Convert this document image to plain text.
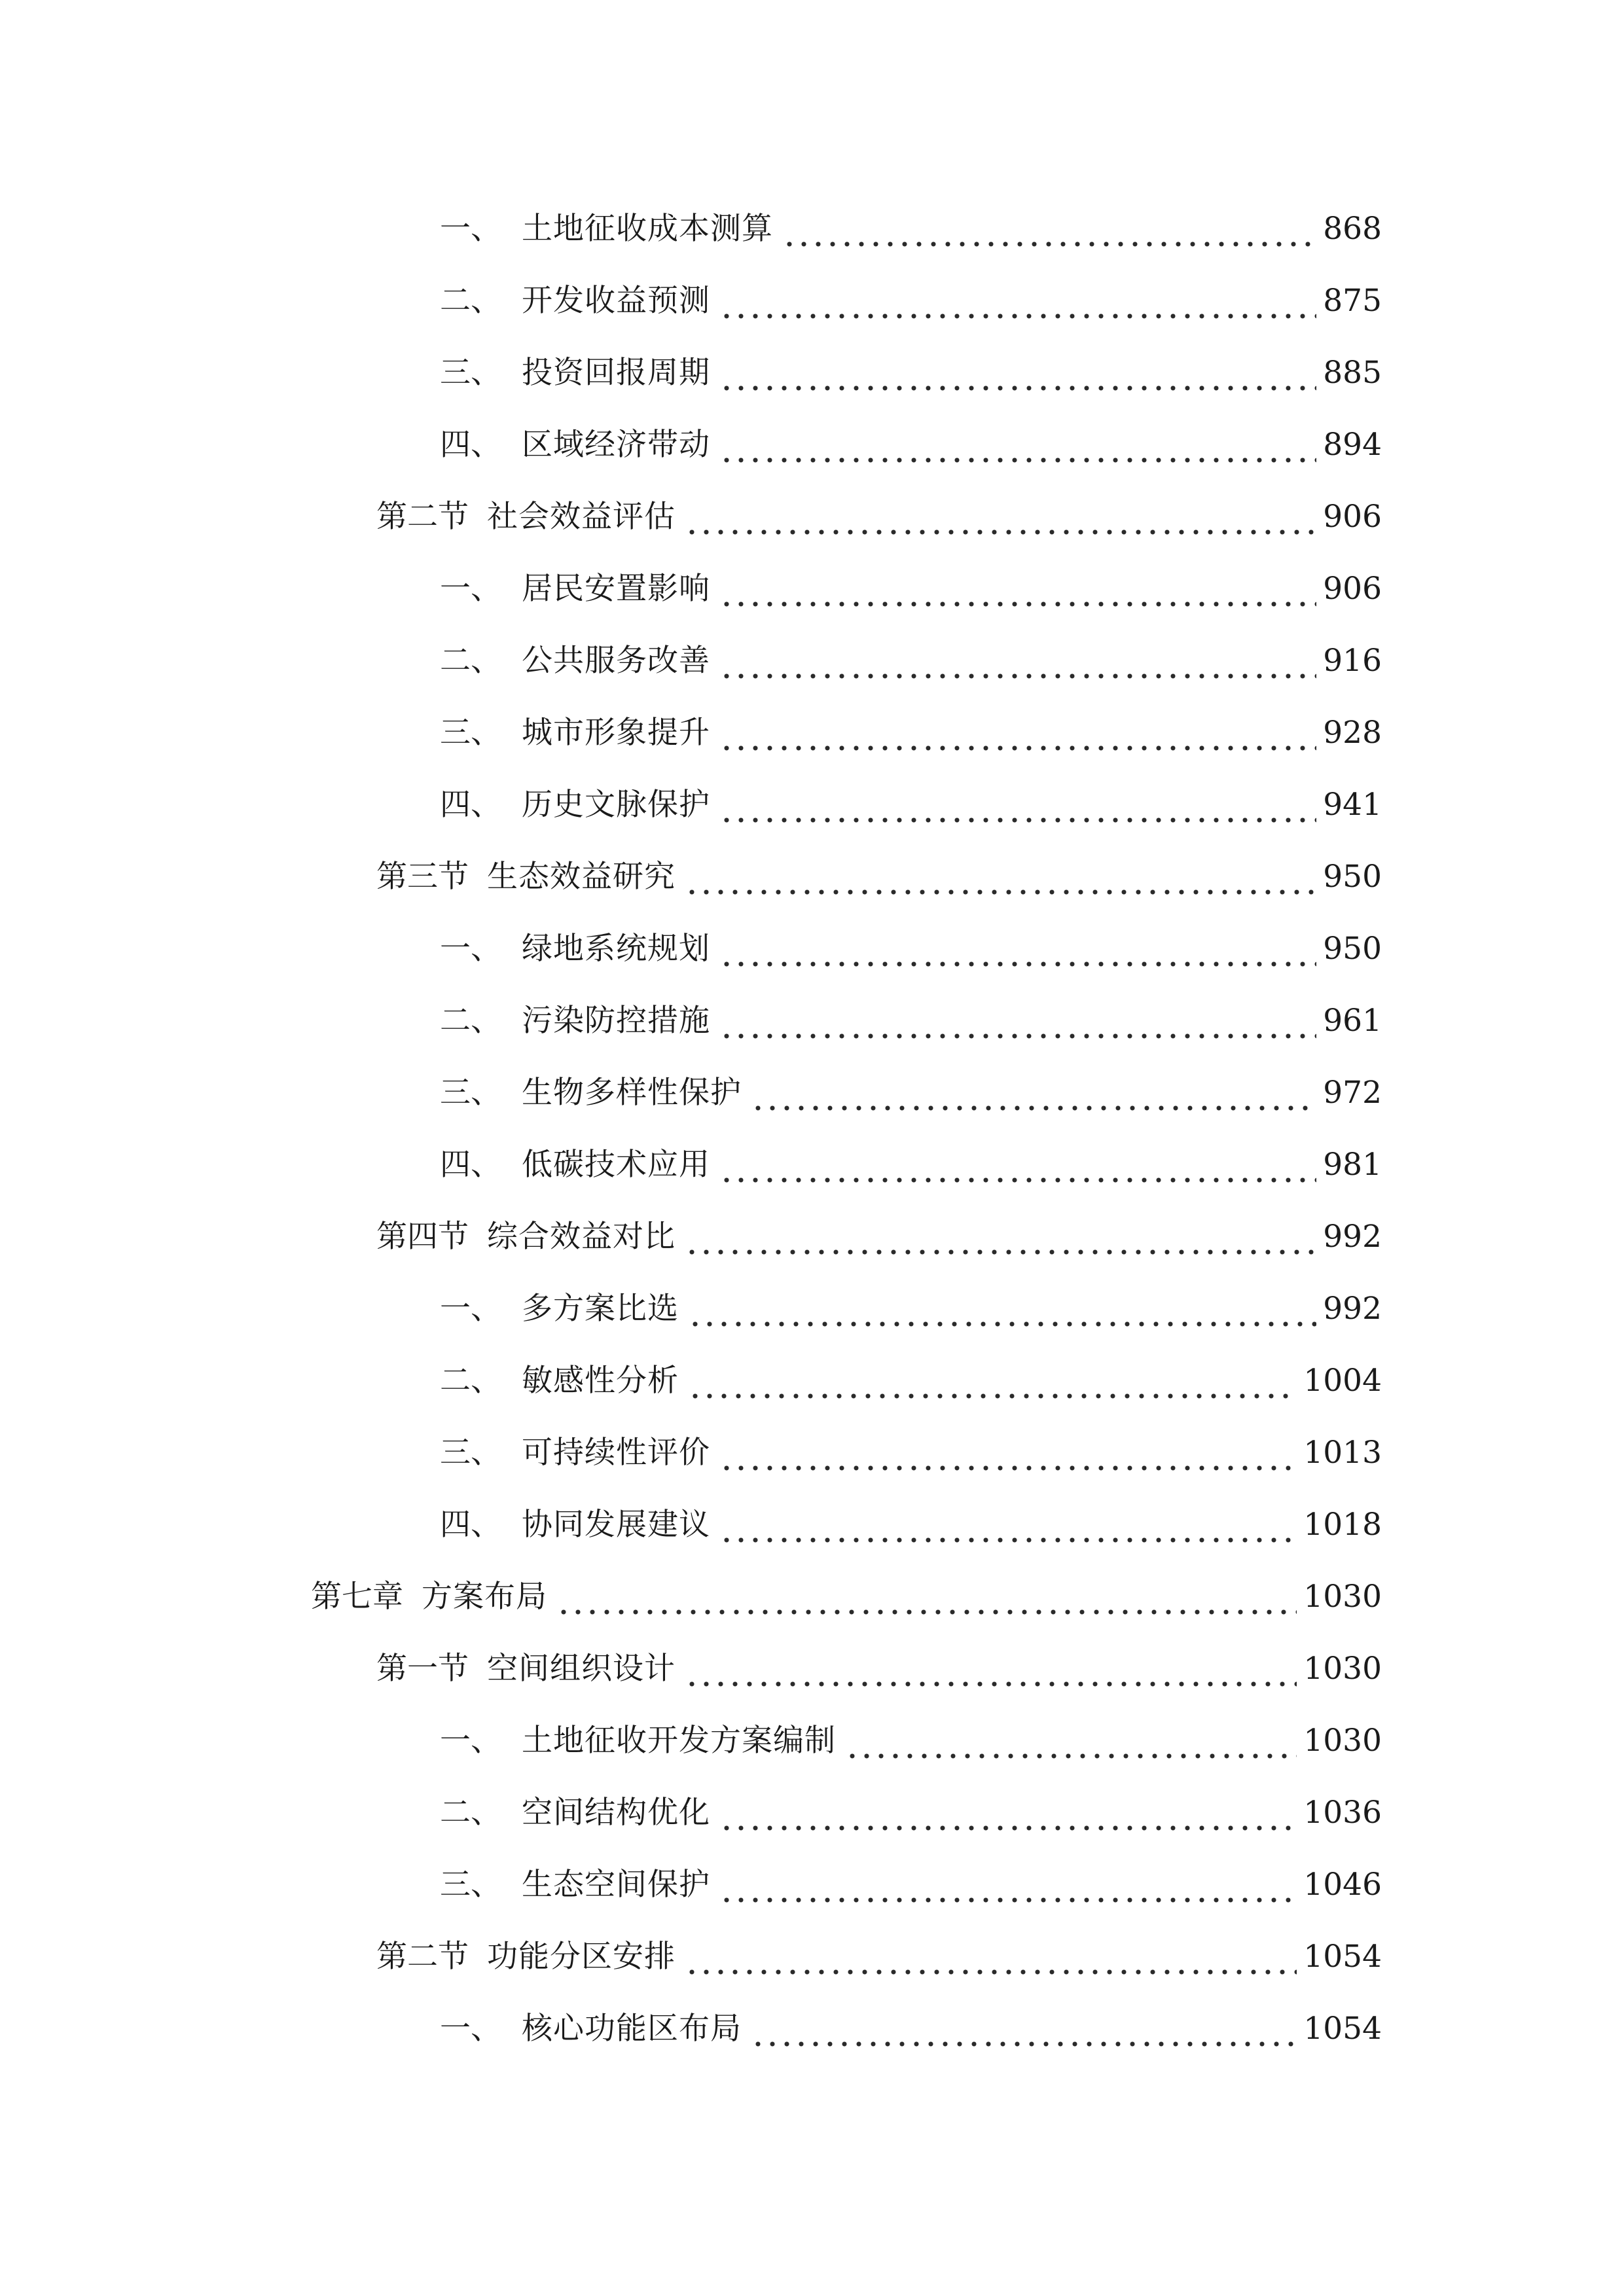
一、 土地征收成本测算	868
二、 开发收益预测	875
三、 投资回报周期	885
四、 区域经济带动	894
第二节 社会效益评估	906
一、 居民安置影响	906
二、 公共服务改善	916
三、 城市形象提升	928
四、 历史文脉保护	941
第三节 生态效益研究	950
一、 绿地系统规划	950
二、 污染防控措施	961
三、 生物多样性保护	972
四、 低碳技术应用	981
第四节 综合效益对比	992
一、 多方案比选	992
二、 敏感性分析	1004
三、 可持续性评价	1013
四、 协同发展建议	1018
第七章 方案布局	1030
第一节 空间组织设计	1030
一、 土地征收开发方案编制	1030
二、 空间结构优化	1036
三、 生态空间保护	1046
第二节 功能分区安排	1054
一、 核心功能区布局	1054
